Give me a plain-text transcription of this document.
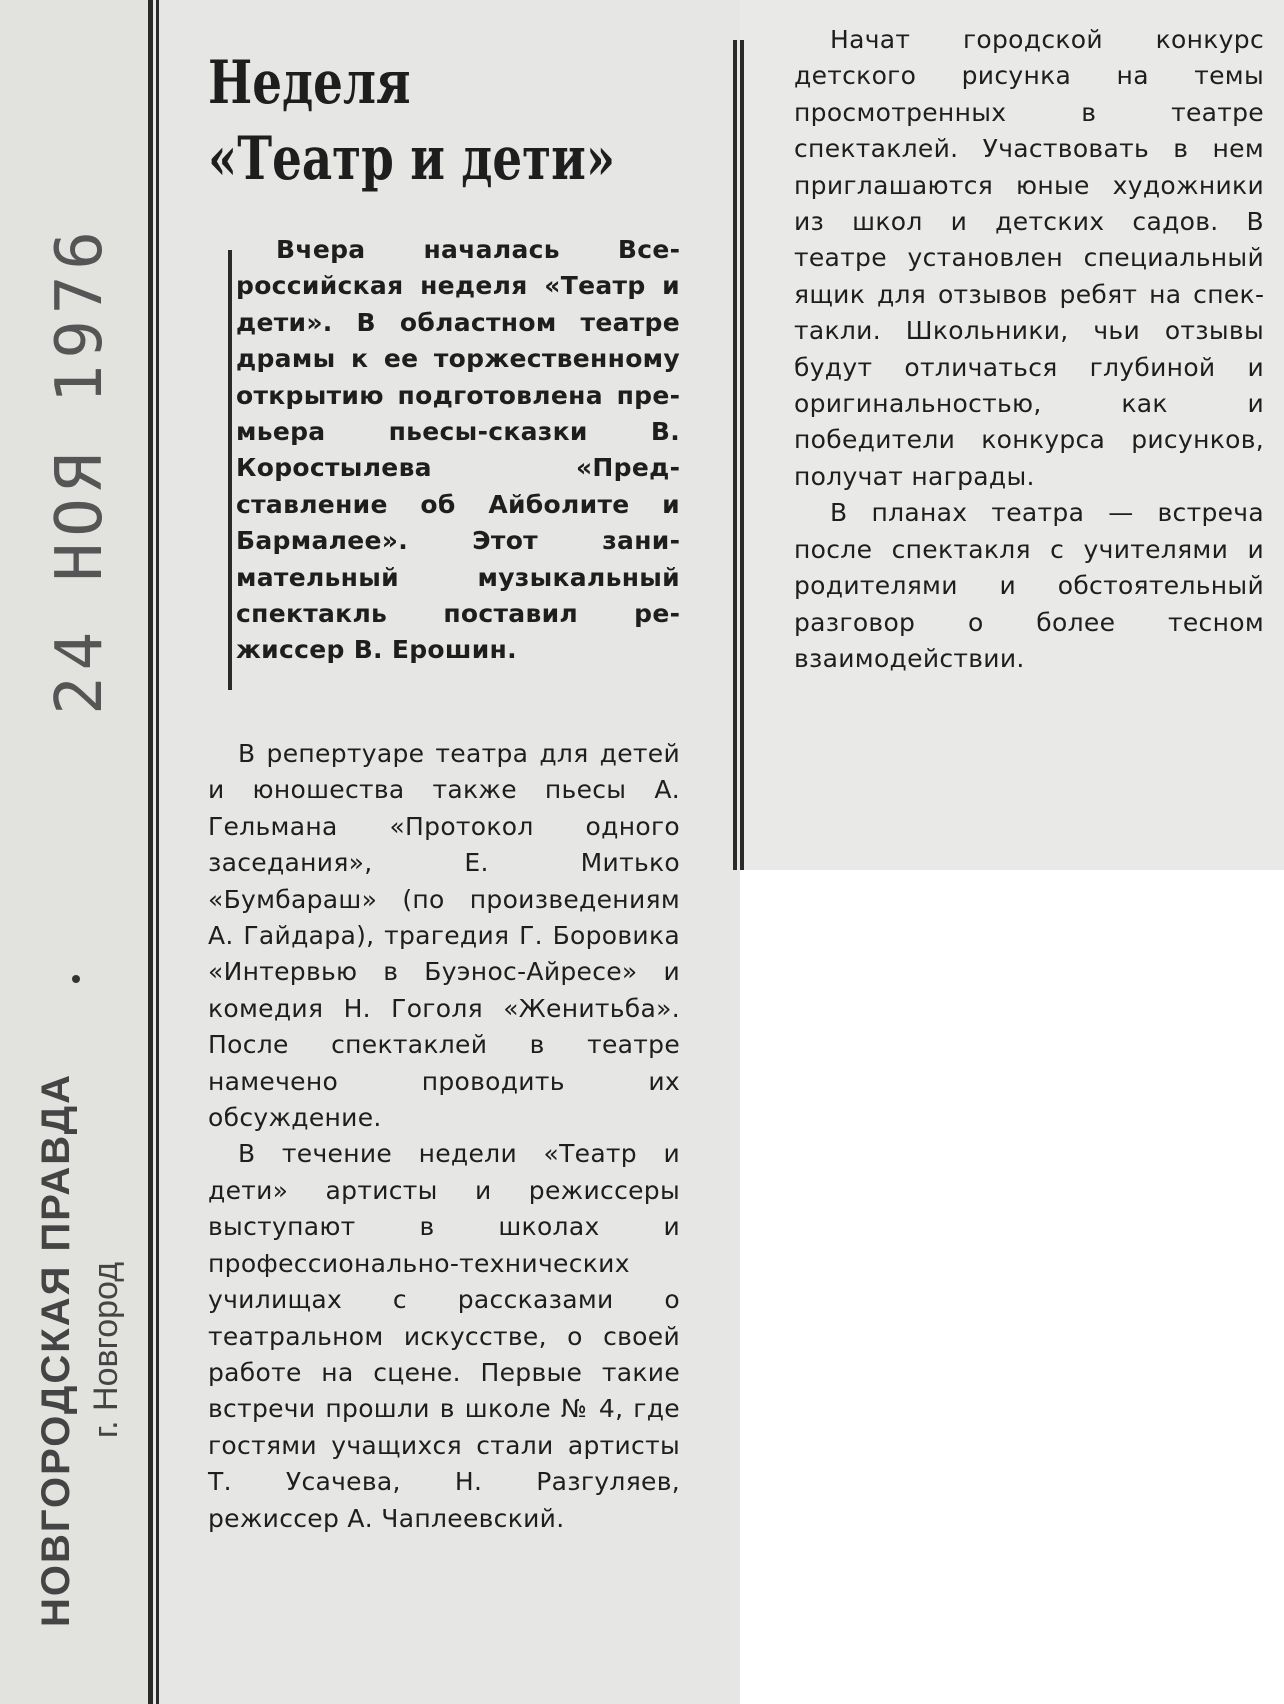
24 НОЯ 1976
НОВГОРОДСКАЯ ПРАВДА г. Новгород
Неделя
«Театр и дети»

Вчера началась Всероссийская неделя «Театр и дети». В областном театре драмы к ее торжественному открытию подготовлена премьера пьесы-сказки В. Коростылева «Представление об Айболите и Бармалее». Этот занимательный музыкальный спектакль поставил режиссер В. Ерошин.

В репертуаре театра для детей и юношества также пьесы А. Гельмана «Протокол одного заседания», Е. Митько «Бумбараш» (по произведениям А. Гайдара), трагедия Г. Боровика «Интервью в Буэнос-Айресе» и комедия Н. Гоголя «Женитьба». После спектаклей в театре намечено проводить их обсуждение.

В течение недели «Театр и дети» артисты и режиссеры выступают в школах и профессионально-технических училищах с рассказами о театральном искусстве, о своей работе на сцене. Первые такие встречи прошли в школе № 4, где гостями учащихся стали артисты Т. Усачева, Н. Разгуляев, режиссер А. Чаплеевский.

Начат городской конкурс детского рисунка на темы просмотренных в театре спектаклей. Участвовать в нем приглашаются юные художники из школ и детских садов. В театре установлен специальный ящик для отзывов ребят на спектакли. Школьники, чьи отзывы будут отличаться глубиной и оригинальностью, как и победители конкурса рисунков, получат награды.

В планах театра — встреча после спектакля с учителями и родителями и обстоятельный разговор о более тесном взаимодействии.
